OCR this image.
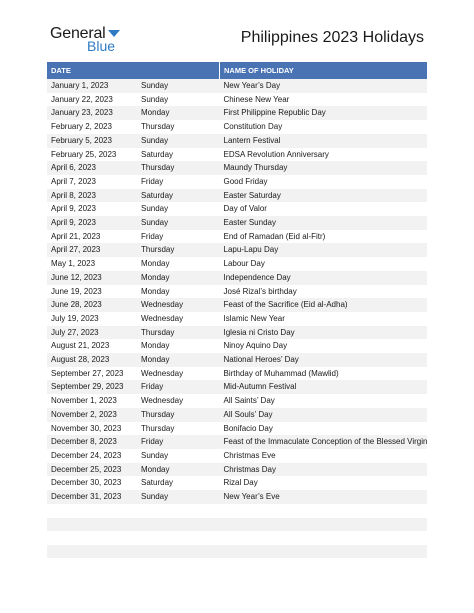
General
Blue	Philippines 2023 Holidays
DATE		NAME OF HOLIDAY
January 1, 2023	Sunday	New Year’s Day
January 22, 2023	Sunday	Chinese New Year
January 23, 2023	Monday	First Philippine Republic Day
February 2, 2023	Thursday	Constitution Day
February 5, 2023	Sunday	Lantern Festival
February 25, 2023	Saturday	EDSA Revolution Anniversary
April 6, 2023	Thursday	Maundy Thursday
April 7, 2023	Friday	Good Friday
April 8, 2023	Saturday	Easter Saturday
April 9, 2023	Sunday	Day of Valor
April 9, 2023	Sunday	Easter Sunday
April 21, 2023	Friday	End of Ramadan (Eid al-Fitr)
April 27, 2023	Thursday	Lapu-Lapu Day
May 1, 2023	Monday	Labour Day
June 12, 2023	Monday	Independence Day
June 19, 2023	Monday	José Rizal’s birthday
June 28, 2023	Wednesday	Feast of the Sacrifice (Eid al-Adha)
July 19, 2023	Wednesday	Islamic New Year
July 27, 2023	Thursday	Iglesia ni Cristo Day
August 21, 2023	Monday	Ninoy Aquino Day
August 28, 2023	Monday	National Heroes’ Day
September 27, 2023	Wednesday	Birthday of Muhammad (Mawlid)
September 29, 2023	Friday	Mid-Autumn Festival
November 1, 2023	Wednesday	All Saints’ Day
November 2, 2023	Thursday	All Souls’ Day
November 30, 2023	Thursday	Bonifacio Day
December 8, 2023	Friday	Feast of the Immaculate Conception of the Blessed Virgin
December 24, 2023	Sunday	Christmas Eve
December 25, 2023	Monday	Christmas Day
December 30, 2023	Saturday	Rizal Day
December 31, 2023	Sunday	New Year’s Eve
